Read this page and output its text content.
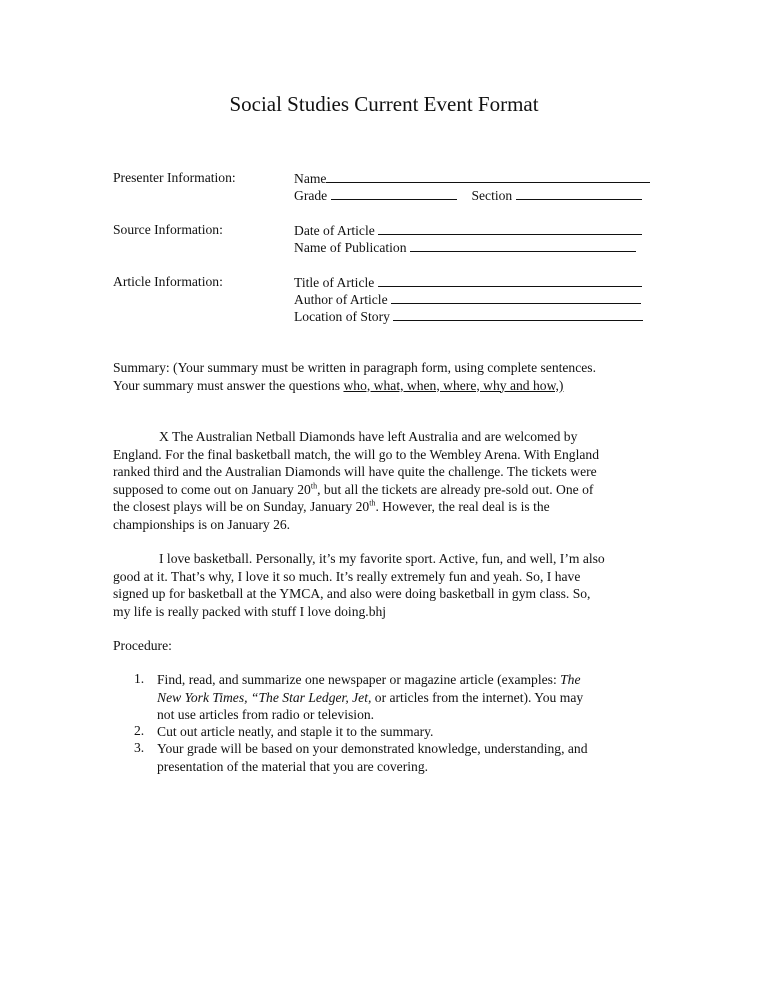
Social Studies Current Event Format
Presenter Information:	Name
Grade	Section
Source Information:	Date of Article
Name of Publication
Article Information:	Title of Article
Author of Article
Location of Story
Summary: (Your summary must be written in paragraph form, using complete sentences.
Your summary must answer the questions who, what, when, where, why and how,)
X The Australian Netball Diamonds have left Australia and are welcomed by
England. For the final basketball match, the will go to the Wembley Arena. With England
ranked third and the Australian Diamonds will have quite the challenge. The tickets were
supposed to come out on January 20th, but all the tickets are already pre-sold out. One of
the closest plays will be on Sunday, January 20th. However, the real deal is is the
championships is on January 26.
I love basketball. Personally, it’s my favorite sport. Active, fun, and well, I’m also
good at it. That’s why, I love it so much. It’s really extremely fun and yeah. So, I have
signed up for basketball at the YMCA, and also were doing basketball in gym class. So,
my life is really packed with stuff I love doing.bhj
Procedure:
1. Find, read, and summarize one newspaper or magazine article (examples: The
New York Times, “The Star Ledger, Jet, or articles from the internet). You may
not use articles from radio or television.
2. Cut out article neatly, and staple it to the summary.
3. Your grade will be based on your demonstrated knowledge, understanding, and
presentation of the material that you are covering.
